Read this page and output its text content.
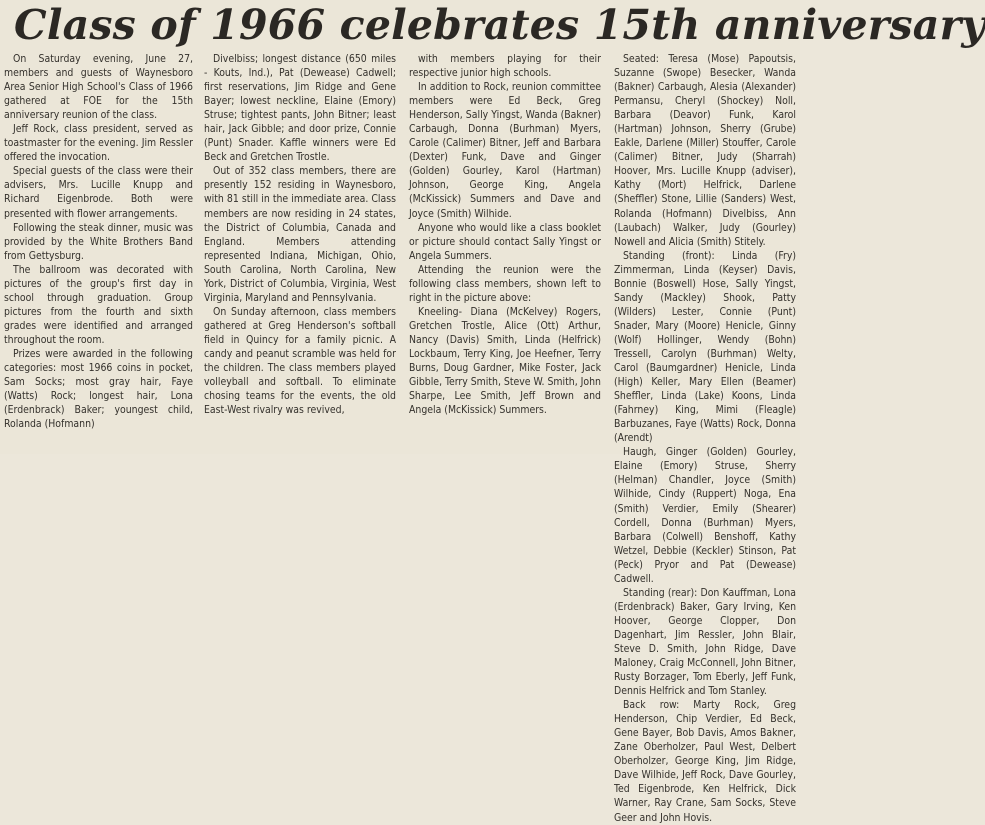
Class of 1966 celebrates 15th anniversary

On Saturday evening, June 27, members and guests of Waynesboro Area Senior High School's Class of 1966 gathered at FOE for the 15th anniversary reunion of the class.

Jeff Rock, class president, served as toastmaster for the evening. Jim Ressler offered the invocation.

Special guests of the class were their advisers, Mrs. Lucille Knupp and Richard Eigenbrode. Both were presented with flower arrangements.

Following the steak dinner, music was provided by the White Brothers Band from Gettysburg.

The ballroom was decorated with pictures of the group's first day in school through graduation. Group pictures from the fourth and sixth grades were identified and arranged throughout the room.

Prizes were awarded in the following categories: most 1966 coins in pocket, Sam Socks; most gray hair, Faye (Watts) Rock; longest hair, Lona (Erdenbrack) Baker; youngest child, Rolanda (Hofmann)

Divelbiss; longest distance (650 miles - Kouts, Ind.), Pat (Dewease) Cadwell; first reservations, Jim Ridge and Gene Bayer; lowest neckline, Elaine (Emory) Struse; tightest pants, John Bitner; least hair, Jack Gibble; and door prize, Connie (Punt) Snader. Kaffle winners were Ed Beck and Gretchen Trostle.

Out of 352 class members, there are presently 152 residing in Waynesboro, with 81 still in the immediate area. Class members are now residing in 24 states, the District of Columbia, Canada and England. Members attending represented Indiana, Michigan, Ohio, South Carolina, North Carolina, New York, District of Columbia, Virginia, West Virginia, Maryland and Pennsylvania.

On Sunday afternoon, class members gathered at Greg Henderson's softball field in Quincy for a family picnic. A candy and peanut scramble was held for the children. The class members played volleyball and softball. To eliminate chosing teams for the events, the old East-West rivalry was revived,

with members playing for their respective junior high schools.

In addition to Rock, reunion committee members were Ed Beck, Greg Henderson, Sally Yingst, Wanda (Bakner) Carbaugh, Donna (Burhman) Myers, Carole (Calimer) Bitner, Jeff and Barbara (Dexter) Funk, Dave and Ginger (Golden) Gourley, Karol (Hartman) Johnson, George King, Angela (McKissick) Summers and Dave and Joyce (Smith) Wilhide.

Anyone who would like a class booklet or picture should contact Sally Yingst or Angela Summers.

Attending the reunion were the following class members, shown left to right in the picture above:

Kneeling- Diana (McKelvey) Rogers, Gretchen Trostle, Alice (Ott) Arthur, Nancy (Davis) Smith, Linda (Helfrick) Lockbaum, Terry King, Joe Heefner, Terry Burns, Doug Gardner, Mike Foster, Jack Gibble, Terry Smith, Steve W. Smith, John Sharpe, Lee Smith, Jeff Brown and Angela (McKissick) Summers.

Seated: Teresa (Mose) Papoutsis, Suzanne (Swope) Besecker, Wanda (Bakner) Carbaugh, Alesia (Alexander) Permansu, Cheryl (Shockey) Noll, Barbara (Deavor) Funk, Karol (Hartman) Johnson, Sherry (Grube) Eakle, Darlene (Miller) Stouffer, Carole (Calimer) Bitner, Judy (Sharrah) Hoover, Mrs. Lucille Knupp (adviser), Kathy (Mort) Helfrick, Darlene (Sheffler) Stone, Lillie (Sanders) West, Rolanda (Hofmann) Divelbiss, Ann (Laubach) Walker, Judy (Gourley) Nowell and Alicia (Smith) Stitely.

Standing (front): Linda (Fry) Zimmerman, Linda (Keyser) Davis, Bonnie (Boswell) Hose, Sally Yingst, Sandy (Mackley) Shook, Patty (Wilders) Lester, Connie (Punt) Snader, Mary (Moore) Henicle, Ginny (Wolf) Hollinger, Wendy (Bohn) Tressell, Carolyn (Burhman) Welty, Carol (Baumgardner) Henicle, Linda (High) Keller, Mary Ellen (Beamer) Sheffler, Linda (Lake) Koons, Linda (Fahrney) King, Mimi (Fleagle) Barbuzanes, Faye (Watts) Rock, Donna (Arendt)

Haugh, Ginger (Golden) Gourley, Elaine (Emory) Struse, Sherry (Helman) Chandler, Joyce (Smith) Wilhide, Cindy (Ruppert) Noga, Ena (Smith) Verdier, Emily (Shearer) Cordell, Donna (Burhman) Myers, Barbara (Colwell) Benshoff, Kathy Wetzel, Debbie (Keckler) Stinson, Pat (Peck) Pryor and Pat (Dewease) Cadwell.

Standing (rear): Don Kauffman, Lona (Erdenbrack) Baker, Gary Irving, Ken Hoover, George Clopper, Don Dagenhart, Jim Ressler, John Blair, Steve D. Smith, John Ridge, Dave Maloney, Craig McConnell, John Bitner, Rusty Borzager, Tom Eberly, Jeff Funk, Dennis Helfrick and Tom Stanley.

Back row: Marty Rock, Greg Henderson, Chip Verdier, Ed Beck, Gene Bayer, Bob Davis, Amos Bakner, Zane Oberholzer, Paul West, Delbert Oberholzer, George King, Jim Ridge, Dave Wilhide, Jeff Rock, Dave Gourley, Ted Eigenbrode, Ken Helfrick, Dick Warner, Ray Crane, Sam Socks, Steve Geer and John Hovis.
